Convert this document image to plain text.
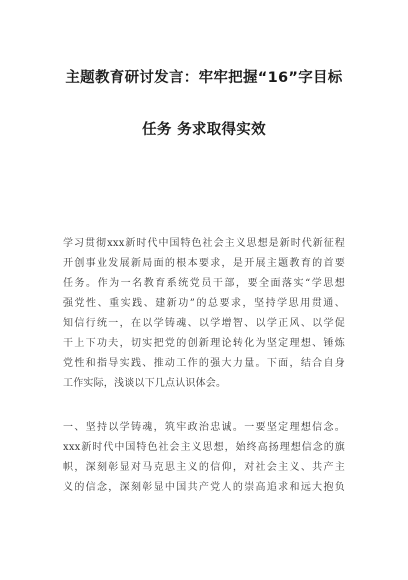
主题教育研讨发言：牢牢把握“16”字目标
任务 务求取得实效
学习贯彻xxx新时代中国特色社会主义思想是新时代新征程
开创事业发展新局面的根本要求，是开展主题教育的首要
任务。作为一名教育系统党员干部，要全面落实“学思想
强党性、重实践、建新功”的总要求，坚持学思用贯通、
知信行统一，在以学铸魂、以学增智、以学正风、以学促
干上下功夫，切实把党的创新理论转化为坚定理想、锤炼
党性和指导实践、推动工作的强大力量。下面，结合自身
工作实际，浅谈以下几点认识体会。
一、坚持以学铸魂，筑牢政治忠诚。一要坚定理想信念。
xxx新时代中国特色社会主义思想，始终高扬理想信念的旗
帜，深刻彰显对马克思主义的信仰，对社会主义、共产主
义的信念，深刻彰显中国共产党人的崇高追求和远大抱负
